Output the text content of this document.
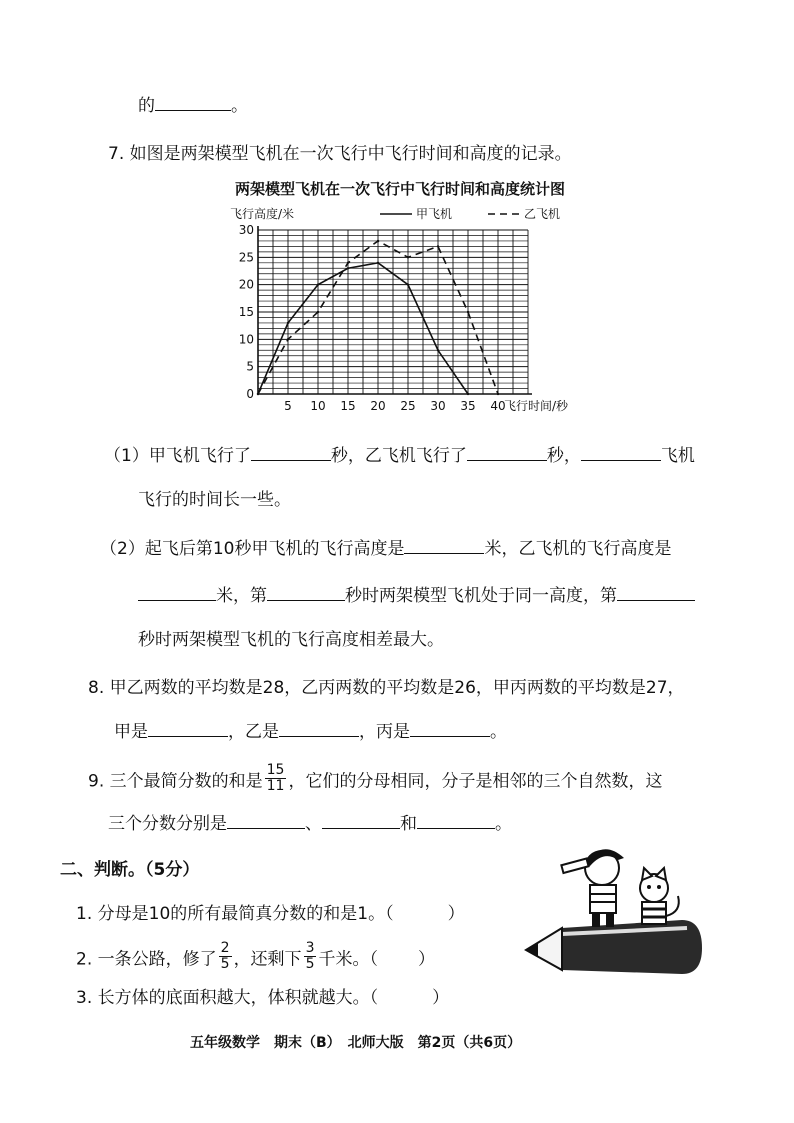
的	。
7. 如图是两架模型飞机在一次飞行中飞行时间和高度的记录。
两架模型飞机在一次飞行中飞行时间和高度统计图
飞行高度/米
0
5
10
15
20
25
30
5 10 15 20 25 30 35 40
飞行时间/秒
甲飞机	乙飞机
（1）甲飞机飞行了	秒，乙飞机飞行了	秒，	飞机
飞行的时间长一些。
（2）起飞后第10秒甲飞机的飞行高度是	米，乙飞机的飞行高度是
米，第	秒时两架模型飞机处于同一高度，第
秒时两架模型飞机的飞行高度相差最大。
8. 甲乙两数的平均数是28，乙丙两数的平均数是26，甲丙两数的平均数是27，
甲是	，乙是	，丙是	。
9. 三个最简分数的和是 $\frac{15}{11}$ ，它们的分母相同，分子是相邻的三个自然数，这
三个分数分别是	、	和	。
二、判断。（5分）
1. 分母是10的所有最简真分数的和是1。（	）
2. 一条公路，修了 $\frac{2}{5}$ ，还剩下 $\frac{3}{5}$ 千米。（ ）
3. 长方体的底面积越大，体积就越大。（	）
五年级数学　期末（B）　北师大版　第2页（共6页）
